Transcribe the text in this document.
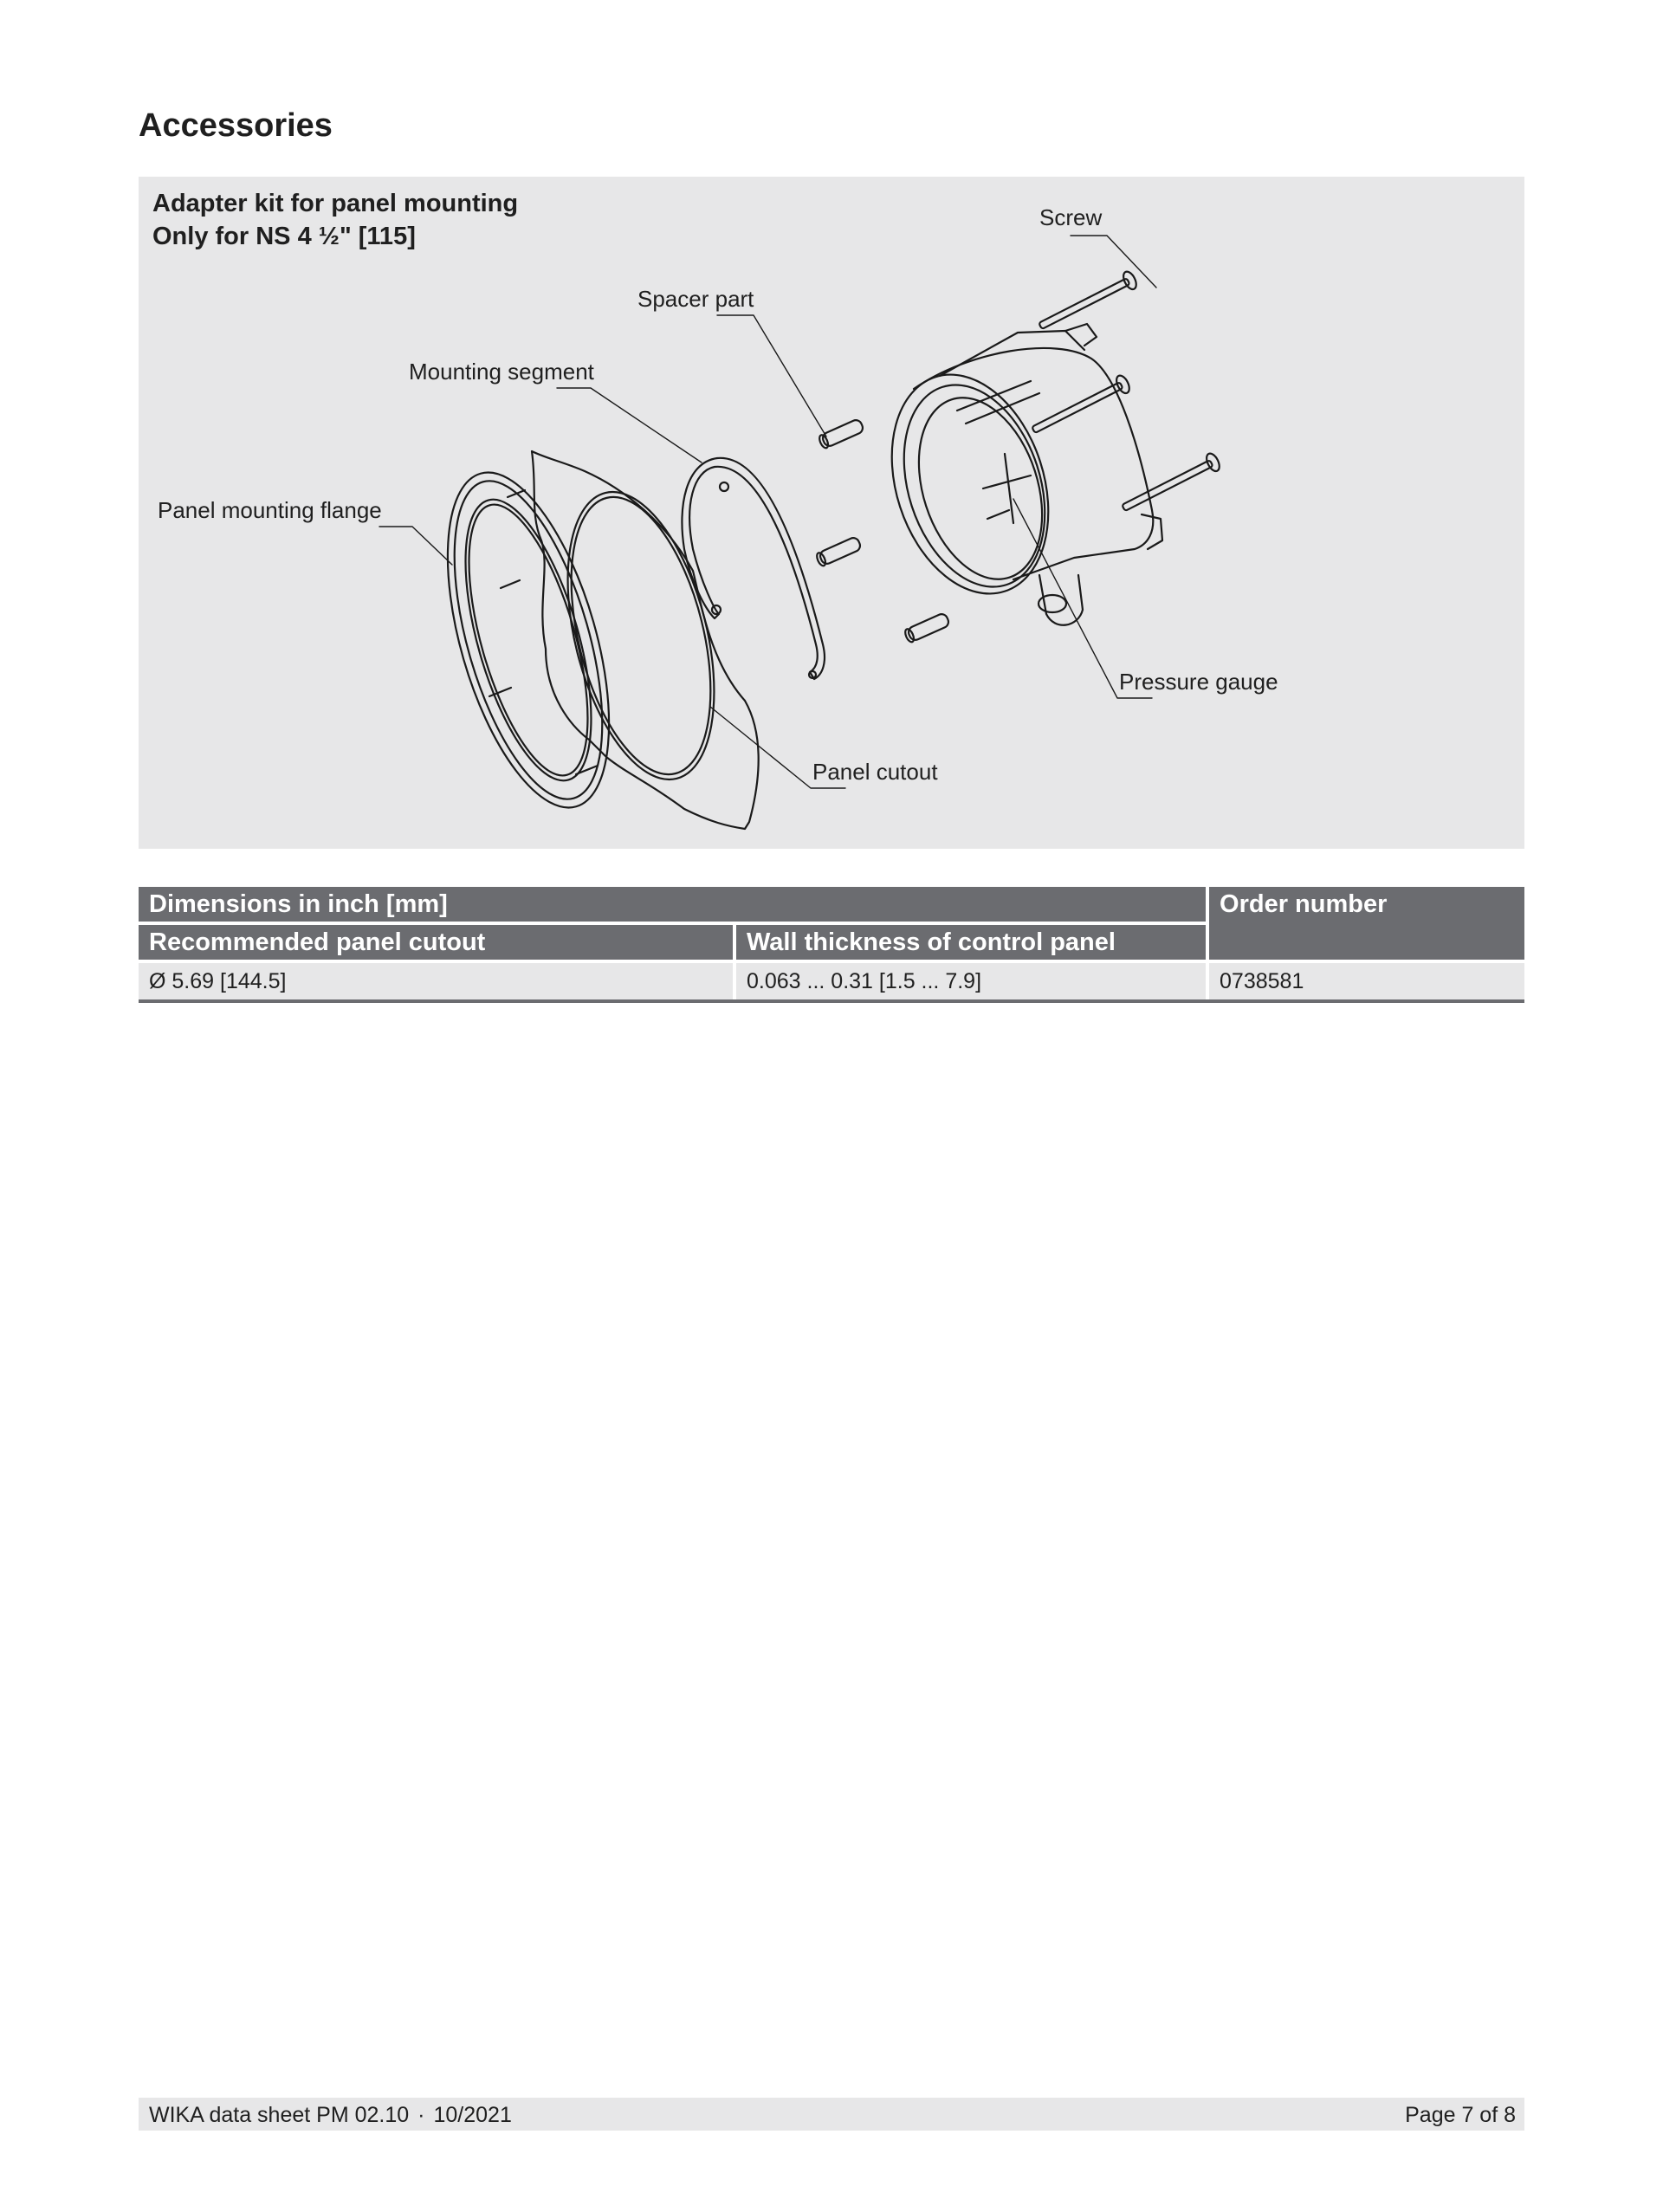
Accessories
Adapter kit for panel mounting
Only for NS 4 ½" [115]
Screw
Spacer part
Mounting segment
Panel mounting flange
Pressure gauge
Panel cutout
Dimensions in inch [mm]		Order number
Recommended panel cutout	Wall thickness of control panel	
Ø 5.69 [144.5]	0.063 ... 0.31 [1.5 ... 7.9]	0738581
WIKA data sheet PM 02.10 · 10/2021	Page 7 of 8
